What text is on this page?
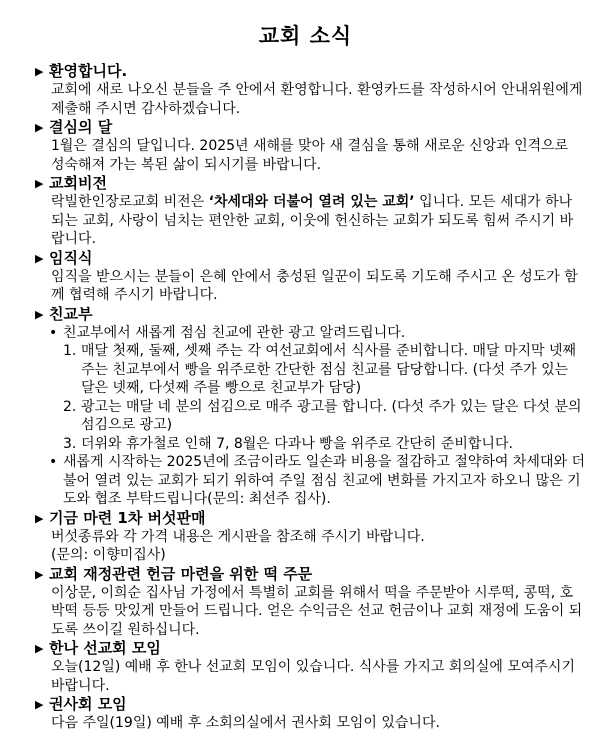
교회 소식
▶ 환영합니다.
교회에 새로 나오신 분들을 주 안에서 환영합니다. 환영카드를 작성하시어 안내위원에게 제출해 주시면 감사하겠습니다.
▶ 결심의 달
1월은 결심의 달입니다. 2025년 새해를 맞아 새 결심을 통해 새로운 신앙과 인격으로 성숙해져 가는 복된 삶이 되시기를 바랍니다.
▶ 교회비전
락빌한인장로교회 비전은 ‘차세대와 더불어 열려 있는 교회’ 입니다. 모든 세대가 하나되는 교회, 사랑이 넘치는 편안한 교회, 이웃에 헌신하는 교회가 되도록 힘써 주시기 바랍니다.
▶ 임직식
임직을 받으시는 분들이 은혜 안에서 충성된 일꾼이 되도록 기도해 주시고 온 성도가 함께 협력해 주시기 바랍니다.
▶ 친교부
• 친교부에서 새롭게 점심 친교에 관한 광고 알려드립니다.
1. 매달 첫째, 둘째, 셋째 주는 각 여선교회에서 식사를 준비합니다. 매달 마지막 넷째 주는 친교부에서 빵을 위주로한 간단한 점심 친교를 담당합니다. (다섯 주가 있는 달은 넷째, 다섯째 주를 빵으로 친교부가 담당)
2. 광고는 매달 네 분의 섬김으로 매주 광고를 합니다. (다섯 주가 있는 달은 다섯 분의 섬김으로 광고)
3. 더위와 휴가철로 인해 7, 8월은 다과나 빵을 위주로 간단히 준비합니다.
• 새롭게 시작하는 2025년에 조금이라도 일손과 비용을 절감하고 절약하여 차세대와 더불어 열려 있는 교회가 되기 위하여 주일 점심 친교에 변화를 가지고자 하오니 많은 기도와 협조 부탁드립니다(문의: 최선주 집사).
▶ 기금 마련 1차 버섯판매
버섯종류와 각 가격 내용은 게시판을 참조해 주시기 바랍니다.
(문의: 이향미집사)
▶ 교회 재정관련 헌금 마련을 위한 떡 주문
이상문, 이희순 집사님 가정에서 특별히 교회를 위해서 떡을 주문받아 시루떡, 콩떡, 호박떡 등등 맛있게 만들어 드립니다. 얻은 수익금은 선교 헌금이나 교회 재정에 도움이 되도록 쓰이길 원하십니다.
▶ 한나 선교회 모임
오늘(12일) 예배 후 한나 선교회 모임이 있습니다. 식사를 가지고 회의실에 모여주시기 바랍니다.
▶ 권사회 모임
다음 주일(19일) 예배 후 소회의실에서 권사회 모임이 있습니다.
